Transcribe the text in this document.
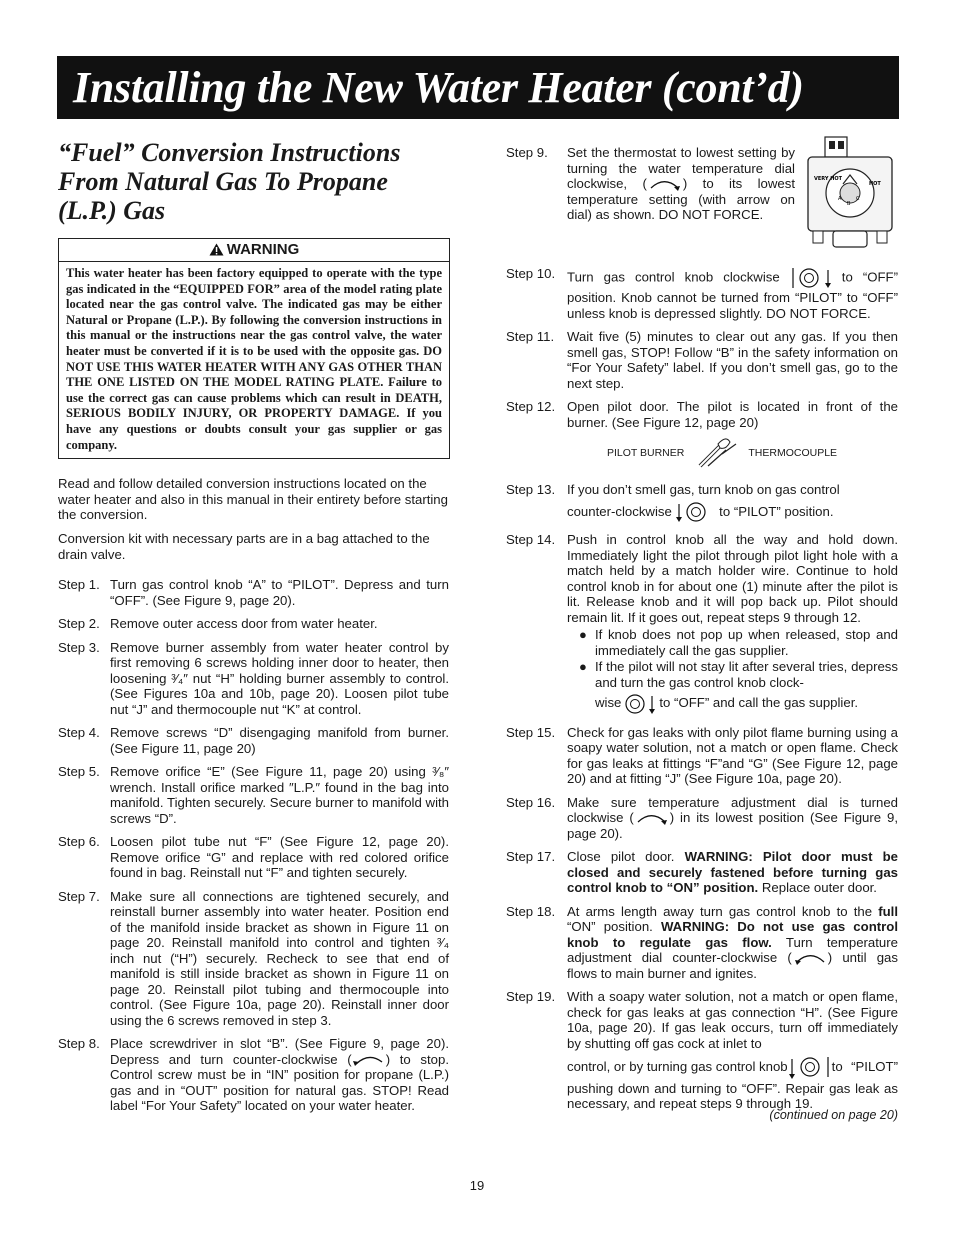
Installing the New Water Heater (cont’d)
“Fuel” Conversion Instructions From Natural Gas To Propane (L.P.) Gas
WARNING
This water heater has been factory equipped to operate with the type gas indicated in the “EQUIPPED FOR” area of the model rating plate located near the gas control valve. The indicated gas may be either Natural or Propane (L.P.). By following the conversion instructions in this manual or the instructions near the gas control valve, the water heater must be converted if it is to be used with the opposite gas. DO NOT USE THIS WATER HEATER WITH ANY GAS OTHER THAN THE ONE LISTED ON THE MODEL RATING PLATE. Failure to use the correct gas can cause problems which can result in DEATH, SERIOUS BODILY INJURY, OR PROPERTY DAMAGE. If you have any questions or doubts consult your gas supplier or gas company.

Read and follow detailed conversion instructions located on the water heater and also in this manual in their entirety before starting the conversion.

Conversion kit with necessary parts are in a bag attached to the drain valve.

Step 1. Turn gas control knob “A” to “PILOT”. Depress and turn “OFF”. (See Figure 9, page 20).
Step 2. Remove outer access door from water heater.
Step 3. Remove burner assembly from water heater control by first removing 6 screws holding inner door to heater, then loosening ³⁄₄″ nut “H” holding burner assembly to control. (See Figures 10a and 10b, page 20). Loosen pilot tube nut “J” and thermocouple nut “K” at control.
Step 4. Remove screws “D” disengaging manifold from burner. (See Figure 11, page 20)
Step 5. Remove orifice “E” (See Figure 11, page 20) using ³⁄₈″ wrench. Install orifice marked ″L.P.″ found in the bag into manifold. Tighten securely. Secure burner to manifold with screws “D”.
Step 6. Loosen pilot tube nut “F” (See Figure 12, page 20). Remove orifice “G” and replace with red colored orifice found in bag. Reinstall nut “F” and tighten securely.
Step 7. Make sure all connections are tightened securely, and reinstall burner assembly into water heater. Position end of the manifold inside bracket as shown in Figure 11 on page 20. Reinstall manifold into control and tighten ³⁄₄ inch nut (“H”) securely. Recheck to see that end of manifold is still inside bracket as shown in Figure 11 on page 20. Reinstall pilot tubing and thermocouple into control. (See Figure 10a, page 20). Reinstall inner door using the 6 screws removed in step 3.
Step 8. Place screwdriver in slot “B”. (See Figure 9, page 20). Depress and turn counter-clockwise (	) to stop. Control screw must be in “IN” position for propane (L.P.) gas and in “OUT” position for natural gas. STOP! Read label “For Your Safety” located on your water heater.
Step 9.
VERY HOT
HOT
A
B
C
Set the thermostat to lowest setting by turning the water temperature dial clockwise, (	) to its lowest temperature setting (with arrow on dial) as shown. DO NOT FORCE.
Step 10. Turn gas control knob clockwise	to “OFF” position. Knob cannot be turned from “PILOT” to “OFF” unless knob is depressed slightly. DO NOT FORCE.
Step 11. Wait five (5) minutes to clear out any gas. If you then smell gas, STOP! Follow “B” in the safety information on “For Your Safety” label. If you don’t smell gas, go to the next step.
Step 12. Open pilot door. The pilot is located in front of the burner. (See Figure 12, page 20)
PILOT BURNER	THERMOCOUPLE
Step 13. If you don’t smell gas, turn knob on gas control
counter-clockwise	to “PILOT” position.
Step 14. Push in control knob all the way and hold down. Immediately light the pilot through pilot light hole with a match held by a match holder wire. Continue to hold control knob in for about one (1) minute after the pilot is lit. Release knob and it will pop back up. Pilot should remain lit. If it goes out, repeat steps 9 through 12.
● If knob does not pop up when released, stop and immediately call the gas supplier.
● If the pilot will not stay lit after several tries, depress and turn the gas control knob clock-
wise	to “OFF” and call the gas supplier.
Step 15. Check for gas leaks with only pilot flame burning using a soapy water solution, not a match or open flame. Check for gas leaks at fittings “F”and “G” (See Figure 12, page 20) and at fitting “J” (See Figure 10a, page 20).
Step 16. Make sure temperature adjustment dial is turned clockwise (	) in its lowest position (See Figure 9, page 20).
Step 17. Close pilot door. WARNING: Pilot door must be closed and securely fastened before turning gas control knob to “ON” position. Replace outer door.
Step 18. At arms length away turn gas control knob to the full “ON” position. WARNING: Do not use gas control knob to regulate gas flow. Turn temperature adjustment dial counter-clockwise (	) until gas flows to main burner and ignites.
Step 19. With a soapy water solution, not a match or open flame, check for gas leaks at gas connection “H”. (See Figure 10a, page 20). If gas leak occurs, turn off immediately by shutting off gas cock at inlet to
control, or by turning gas control knob	to “PILOT” pushing down and turning to “OFF”. Repair gas leak as necessary, and repeat steps 9 through 19.
(continued on page 20)
19
